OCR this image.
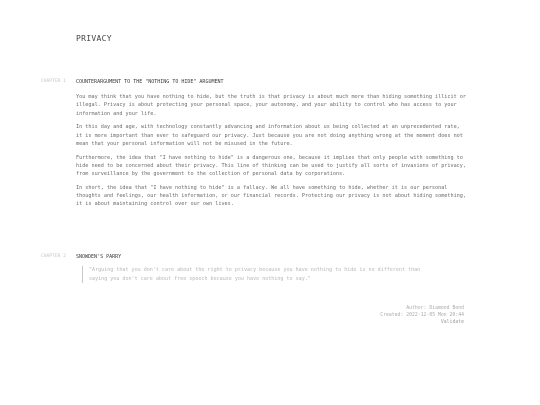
PRIVACY
CHAPTER 1 COUNTERARGUMENT TO THE "NOTHING TO HIDE" ARGUMENT

You may think that you have nothing to hide, but the truth is that privacy is about much more than hiding something illicit or illegal. Privacy is about protecting your personal space, your autonomy, and your ability to control who has access to your information and your life.

In this day and age, with technology constantly advancing and information about us being collected at an unprecedented rate, it is more important than ever to safeguard our privacy. Just because you are not doing anything wrong at the moment does not mean that your personal information will not be misused in the future.

Furthermore, the idea that "I have nothing to hide" is a dangerous one, because it implies that only people with something to hide need to be concerned about their privacy. This line of thinking can be used to justify all sorts of invasions of privacy, from surveillance by the government to the collection of personal data by corporations.

In short, the idea that "I have nothing to hide" is a fallacy. We all have something to hide, whether it is our personal thoughts and feelings, our health information, or our financial records. Protecting our privacy is not about hiding something, it is about maintaining control over our own lives.

CHAPTER 2 SNOWDEN'S PARRY
"Arguing that you don't care about the right to privacy because you have nothing to hide is no different than saying you don't care about free speech because you have nothing to say."
Author: Diamond Bond
Created: 2022-12-05 Mon 20:44
Validate
